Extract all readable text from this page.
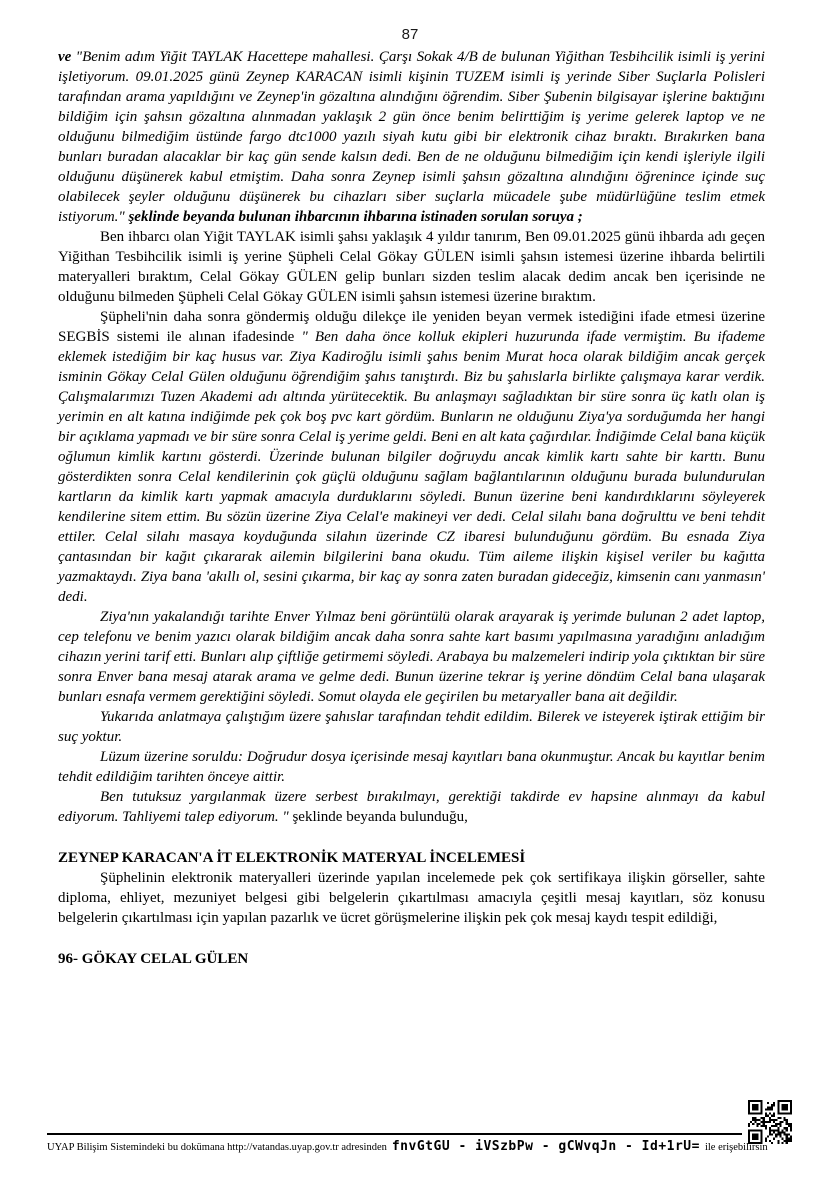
ve "Benim adım Yiğit TAYLAK Hacettepe mahallesi. Çarşı Sokak 4/B de bulunan Yiğithan Tesbihcilik isimli iş yerini işletiyorum. 09.01.2025 günü Zeynep KARACAN isimli kişinin TUZEM isimli iş yerinde Siber Suçlarla Polisleri tarafından arama yapıldığını ve Zeynep'in gözaltına alındığını öğrendim. Siber Şubenin bilgisayar işlerine baktığını bildiğim için şahsın gözaltına alınmadan yaklaşık 2 gün önce benim belirttiğim iş yerime gelerek laptop ve ne olduğunu bilmediğim üstünde fargo dtc1000 yazılı siyah kutu gibi bir elektronik cihaz bıraktı. Bırakırken bana bunları buradan alacaklar bir kaç gün sende kalsın dedi. Ben de ne olduğunu bilmediğim için kendi işleriyle ilgili olduğunu düşünerek kabul etmiştim. Daha sonra Zeynep isimli şahsın gözaltına alındığını öğrenince içinde suç olabilecek şeyler olduğunu düşünerek bu cihazları siber suçlarla mücadele şube müdürlüğüne teslim etmek istiyorum." şeklinde beyanda bulunan ihbarcının ihbarına istinaden sorulan soruya ;

Ben ihbarcı olan Yiğit TAYLAK isimli şahsı yaklaşık 4 yıldır tanırım, Ben 09.01.2025 günü ihbarda adı geçen Yiğithan Tesbihcilik isimli iş yerine Şüpheli Celal Gökay GÜLEN isimli şahsın istemesi üzerine ihbarda belirtili materyalleri bıraktım, Celal Gökay GÜLEN gelip bunları sizden teslim alacak dedim ancak ben içerisinde ne olduğunu bilmeden Şüpheli Celal Gökay GÜLEN isimli şahsın istemesi üzerine bıraktım.

Şüpheli'nin daha sonra göndermiş olduğu dilekçe ile yeniden beyan vermek istediğini ifade etmesi üzerine SEGBİS sistemi ile alınan ifadesinde " Ben daha önce kolluk ekipleri huzurunda ifade vermiştim. Bu ifademe eklemek istediğim bir kaç husus var. Ziya Kadiroğlu isimli şahıs benim Murat hoca olarak bildiğim ancak gerçek isminin Gökay Celal Gülen olduğunu öğrendiğim şahıs tanıştırdı. Biz bu şahıslarla birlikte çalışmaya karar verdik. Çalışmalarımızı Tuzen Akademi adı altında yürütecektik. Bu anlaşmayı sağladıktan bir süre sonra üç katlı olan iş yerimin en alt katına indiğimde pek çok boş pvc kart gördüm. Bunların ne olduğunu Ziya'ya sorduğumda her hangi bir açıklama yapmadı ve bir süre sonra Celal iş yerime geldi. Beni en alt kata çağırdılar. İndiğimde Celal bana küçük oğlumun kimlik kartını gösterdi. Üzerinde bulunan bilgiler doğruydu ancak kimlik kartı sahte bir karttı. Bunu gösterdikten sonra Celal kendilerinin çok güçlü olduğunu sağlam bağlantılarının olduğunu burada bulundurulan kartların da kimlik kartı yapmak amacıyla durduklarını söyledi. Bunun üzerine beni kandırdıklarını söyleyerek kendilerine sitem ettim. Bu sözün üzerine Ziya Celal'e makineyi ver dedi. Celal silahı bana doğrulttu ve beni tehdit ettiler. Celal silahı masaya koyduğunda silahın üzerinde CZ ibaresi bulunduğunu gördüm. Bu esnada Ziya çantasından bir kağıt çıkararak ailemin bilgilerini bana okudu. Tüm aileme ilişkin kişisel veriler bu kağıtta yazmaktaydı. Ziya bana 'akıllı ol, sesini çıkarma, bir kaç ay sonra zaten buradan gideceğiz, kimsenin canı yanmasın' dedi.

Ziya'nın yakalandığı tarihte Enver Yılmaz beni görüntülü olarak arayarak iş yerimde bulunan 2 adet laptop, cep telefonu ve benim yazıcı olarak bildiğim ancak daha sonra sahte kart basımı yapılmasına yaradığını anladığım cihazın yerini tarif etti. Bunları alıp çiftliğe getirmemi söyledi. Arabaya bu malzemeleri indirip yola çıktıktan bir süre sonra Enver bana mesaj atarak arama ve gelme dedi. Bunun üzerine tekrar iş yerine döndüm Celal bana ulaşarak bunları esnafa vermem gerektiğini söyledi. Somut olayda ele geçirilen bu metaryaller bana ait değildir.

Yukarıda anlatmaya çalıştığım üzere şahıslar tarafından tehdit edildim. Bilerek ve isteyerek iştirak ettiğim bir suç yoktur.

Lüzum üzerine soruldu: Doğrudur dosya içerisinde mesaj kayıtları bana okunmuştur. Ancak bu kayıtlar benim tehdit edildiğim tarihten önceye aittir.

Ben tutuksuz yargılanmak üzere serbest bırakılmayı, gerektiği takdirde ev hapsine alınmayı da kabul ediyorum. Tahliyemi talep ediyorum. " şeklinde beyanda bulunduğu,

ZEYNEP KARACAN'A İT ELEKTRONİK MATERYAL İNCELEMESİ

Şüphelinin elektronik materyalleri üzerinde yapılan incelemede pek çok sertifikaya ilişkin görseller, sahte diploma, ehliyet, mezuniyet belgesi gibi belgelerin çıkartılması amacıyla çeşitli mesaj kayıtları, söz konusu belgelerin çıkartılması için yapılan pazarlık ve ücret görüşmelerine ilişkin pek çok mesaj kaydı tespit edildiği,

96- GÖKAY CELAL GÜLEN

87
UYAP Bilişim Sistemindeki bu dokümana http://vatandas.uyap.gov.tr adresinden fnvGtGU - iVSzbPw - gCWvqJn - Id+1rU= ile erişebilirsin
